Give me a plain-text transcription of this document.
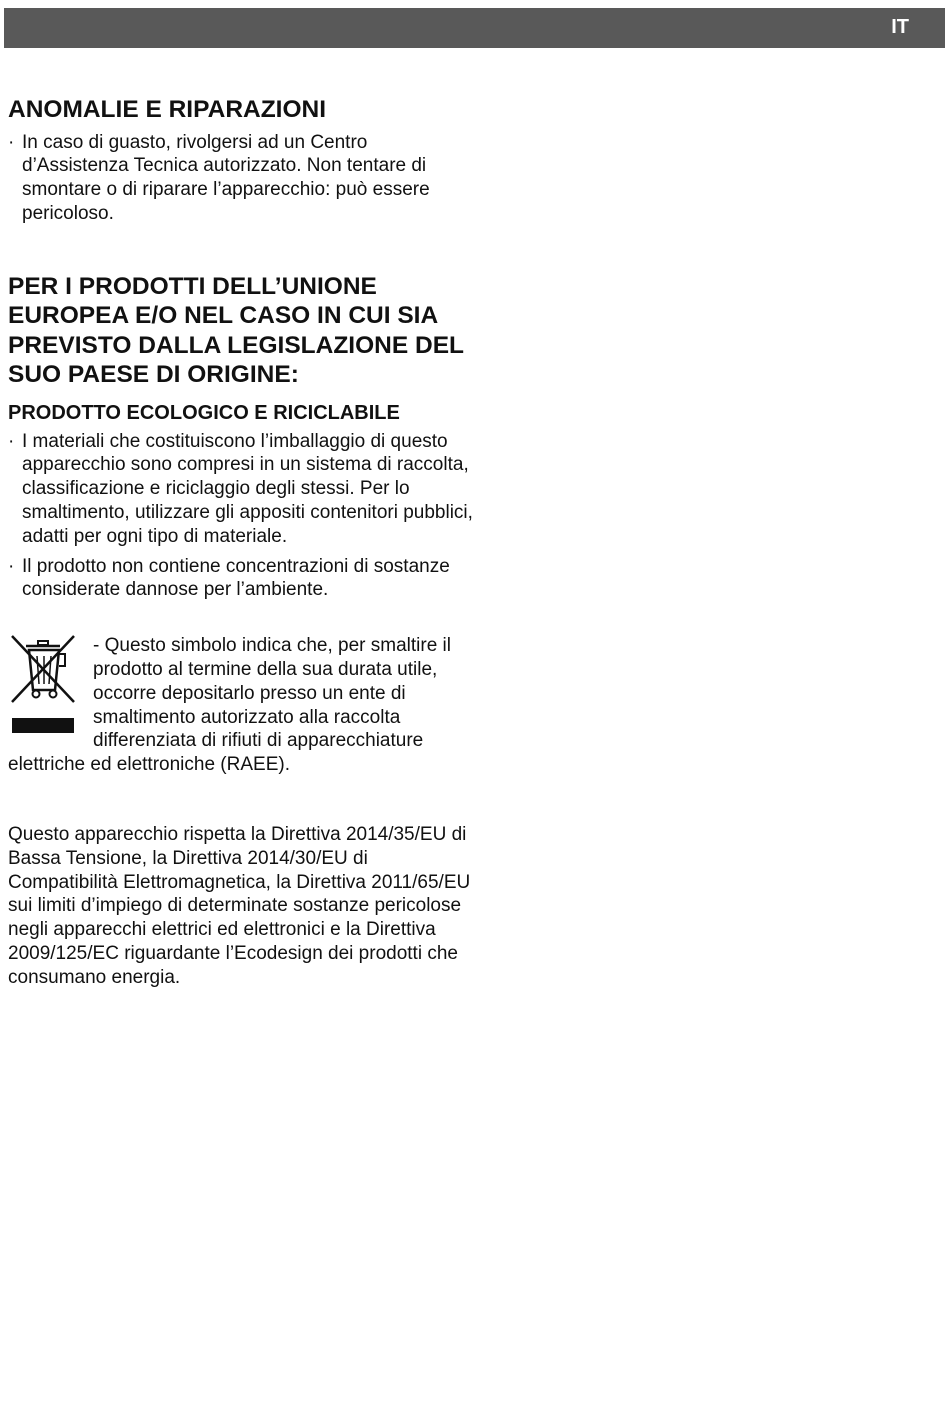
IT
ANOMALIE E RIPARAZIONI
· In caso di guasto, rivolgersi ad un Centro d’Assistenza Tecnica autorizzato. Non tentare di smontare o di riparare l’apparecchio: può essere pericoloso.
PER I PRODOTTI DELL’UNIONE EUROPEA E/O NEL CASO IN CUI SIA PREVISTO DALLA LEGISLAZIONE DEL SUO PAESE DI ORIGINE:
PRODOTTO ECOLOGICO E RICICLABILE
· I materiali che costituiscono l’imballaggio di questo apparecchio sono compresi in un sistema di raccolta, classificazione e riciclaggio degli stessi. Per lo smaltimento, utilizzare gli appositi contenitori pubblici, adatti per ogni tipo di materiale.
· Il prodotto non contiene concentrazioni di sostanze considerate dannose per l’ambiente.

- Questo simbolo indica che, per smaltire il prodotto al termine della sua durata utile, occorre depositarlo presso un ente di smaltimento autorizzato alla raccolta differenziata di rifiuti di apparecchiature elettriche ed elettroniche (RAEE).

Questo apparecchio rispetta la Direttiva 2014/35/EU di Bassa Tensione, la Direttiva 2014/30/EU di Compatibilità Elettromagnetica, la Direttiva 2011/65/EU sui limiti d’impiego di determinate sostanze pericolose negli apparecchi elettrici ed elettronici e la Direttiva 2009/125/EC riguardante l’Ecodesign dei prodotti che consumano energia.
